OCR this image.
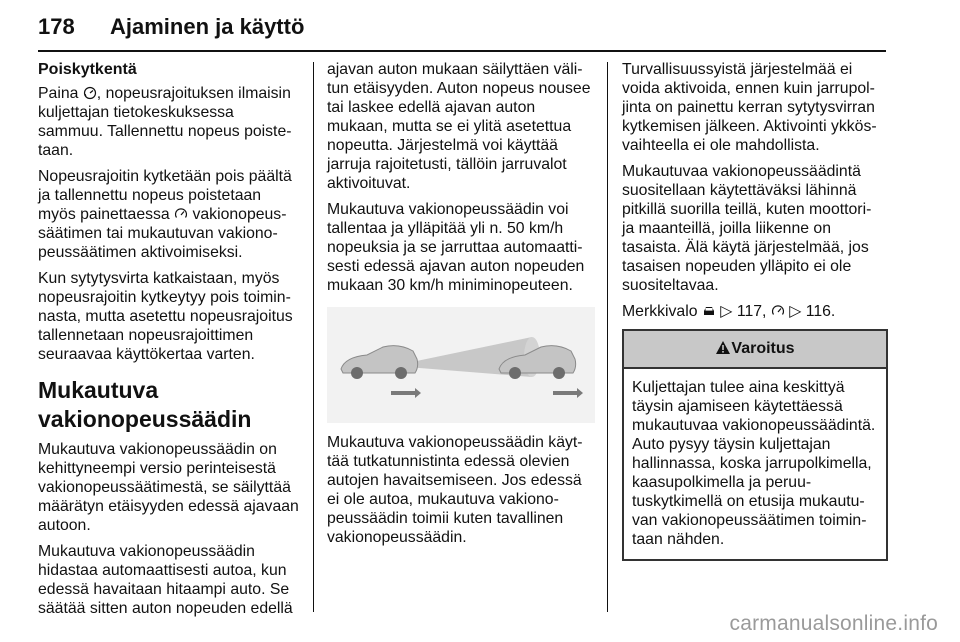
178 Ajaminen ja käyttö
Poiskytkentä

Paina , nopeusrajoituksen ilmaisin kuljettajan tietokeskuksessa sammuu. Tallennettu nopeus poistetaan.

Nopeusrajoitin kytketään pois päältä ja tallennettu nopeus poistetaan myös painettaessa  vakionopeussäätimen tai mukautuvan vakionopeussäätimen aktivoimiseksi.

Kun sytytysvirta katkaistaan, myös nopeusrajoitin kytkeytyy pois toiminnasta, mutta asetettu nopeusrajoitus tallennetaan nopeusrajoittimen seuraavaa käyttökertaa varten.

Mukautuva vakionopeussäädin

Mukautuva vakionopeussäädin on kehittyneempi versio perinteisestä vakionopeussäätimestä, se säilyttää määrätyn etäisyyden edessä ajavaan autoon.

Mukautuva vakionopeussäädin hidastaa automaattisesti autoa, kun edessä havaitaan hitaampi auto. Se säätää sitten auton nopeuden edellä

ajavan auton mukaan säilyttäen välitun etäisyyden. Auton nopeus nousee tai laskee edellä ajavan auton mukaan, mutta se ei ylitä asetettua nopeutta. Järjestelmä voi käyttää jarruja rajoitetusti, tällöin jarruvalot aktivoituvat.

Mukautuva vakionopeussäädin voi tallentaa ja ylläpitää yli n. 50 km/h nopeuksia ja se jarruttaa automaattisesti edessä ajavan auton nopeuden mukaan 30 km/h miniminopeuteen.

Mukautuva vakionopeussäädin käyttää tutkatunnistinta edessä olevien autojen havaitsemiseen. Jos edessä ei ole autoa, mukautuva vakionopeussäädin toimii kuten tavallinen vakionopeussäädin.

Turvallisuussyistä järjestelmää ei voida aktivoida, ennen kuin jarrupoljinta on painettu kerran sytytysvirran kytkemisen jälkeen. Aktivointi ykkösvaihteella ei ole mahdollista.

Mukautuvaa vakionopeussäädintä suositellaan käytettäväksi lähinnä pitkillä suorilla teillä, kuten moottori- ja maanteillä, joilla liikenne on tasaista. Älä käytä järjestelmää, jos tasaisen nopeuden ylläpito ei ole suositeltavaa.

Merkkivalo ▷ 117, ▷ 116.

Varoitus
Kuljettajan tulee aina keskittyä täysin ajamiseen käytettäessä mukautuvaa vakionopeussäädintä. Auto pysyy täysin kuljettajan hallinnassa, koska jarrupolkimella, kaasupolkimella ja peruutuskytkimellä on etusija mukautuvan vakionopeussäätimen toimintaan nähden.
carmanualsonline.info
